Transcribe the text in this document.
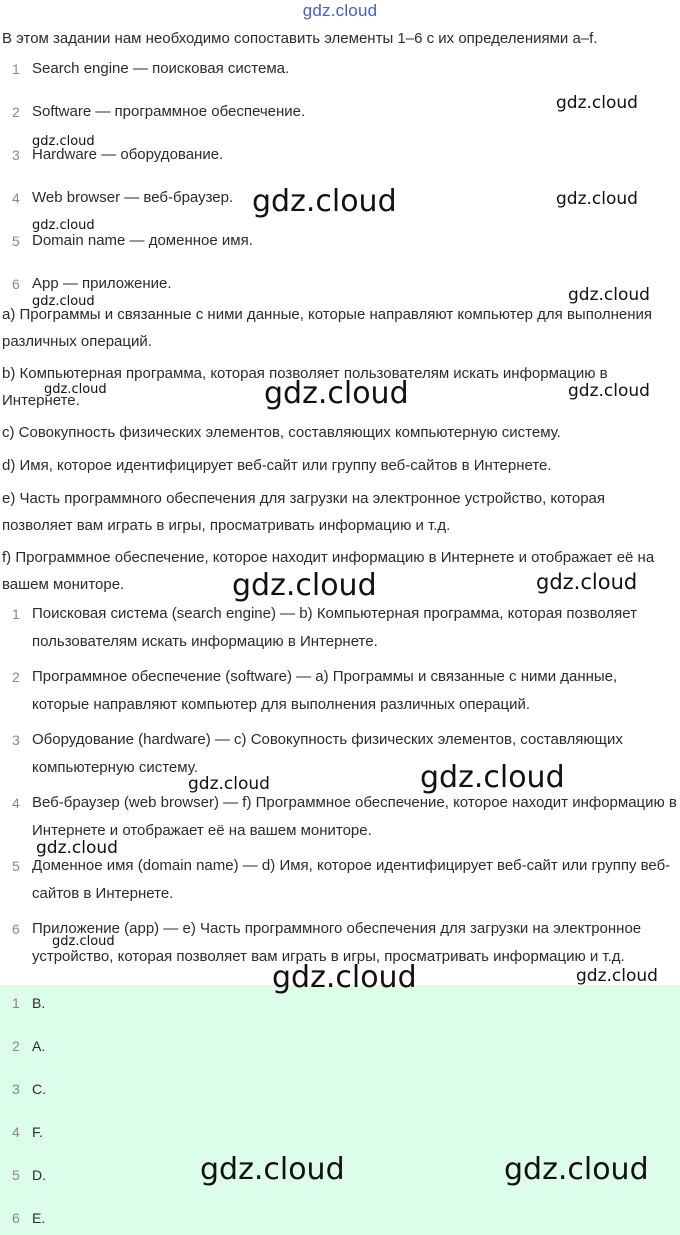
gdz.cloud
В этом задании нам необходимо сопоставить элементы 1–6 с их определениями a–f.
1 Search engine — поисковая система.
2 Software — программное обеспечение.
3 Hardware — оборудование.
4 Web browser — веб-браузер.
5 Domain name — доменное имя.
6 App — приложение.
a) Программы и связанные с ними данные, которые направляют компьютер для выполнения различных операций.
b) Компьютерная программа, которая позволяет пользователям искать информацию в Интернете.
c) Совокупность физических элементов, составляющих компьютерную систему.
d) Имя, которое идентифицирует веб-сайт или группу веб-сайтов в Интернете.
e) Часть программного обеспечения для загрузки на электронное устройство, которая позволяет вам играть в игры, просматривать информацию и т.д.
f) Программное обеспечение, которое находит информацию в Интернете и отображает её на вашем мониторе.
1 Поисковая система (search engine) — b) Компьютерная программа, которая позволяет пользователям искать информацию в Интернете.
2 Программное обеспечение (software) — a) Программы и связанные с ними данные, которые направляют компьютер для выполнения различных операций.
3 Оборудование (hardware) — c) Совокупность физических элементов, составляющих компьютерную систему.
4 Веб-браузер (web browser) — f) Программное обеспечение, которое находит информацию в Интернете и отображает её на вашем мониторе.
5 Доменное имя (domain name) — d) Имя, которое идентифицирует веб-сайт или группу веб-сайтов в Интернете.
6 Приложение (app) — e) Часть программного обеспечения для загрузки на электронное устройство, которая позволяет вам играть в игры, просматривать информацию и т.д.
1 B.
2 A.
3 C.
4 F.
5 D.
6 E.
gdz.cloud
gdz.cloud
gdz.cloud	gdz.cloud
gdz.cloud
gdz.cloud
gdz.cloud
gdz.cloud	gdz.cloud	gdz.cloud
gdz.cloud	gdz.cloud
gdz.cloud	gdz.cloud
gdz.cloud
gdz.cloud
gdz.cloud	gdz.cloud
gdz.cloud	gdz.cloud
